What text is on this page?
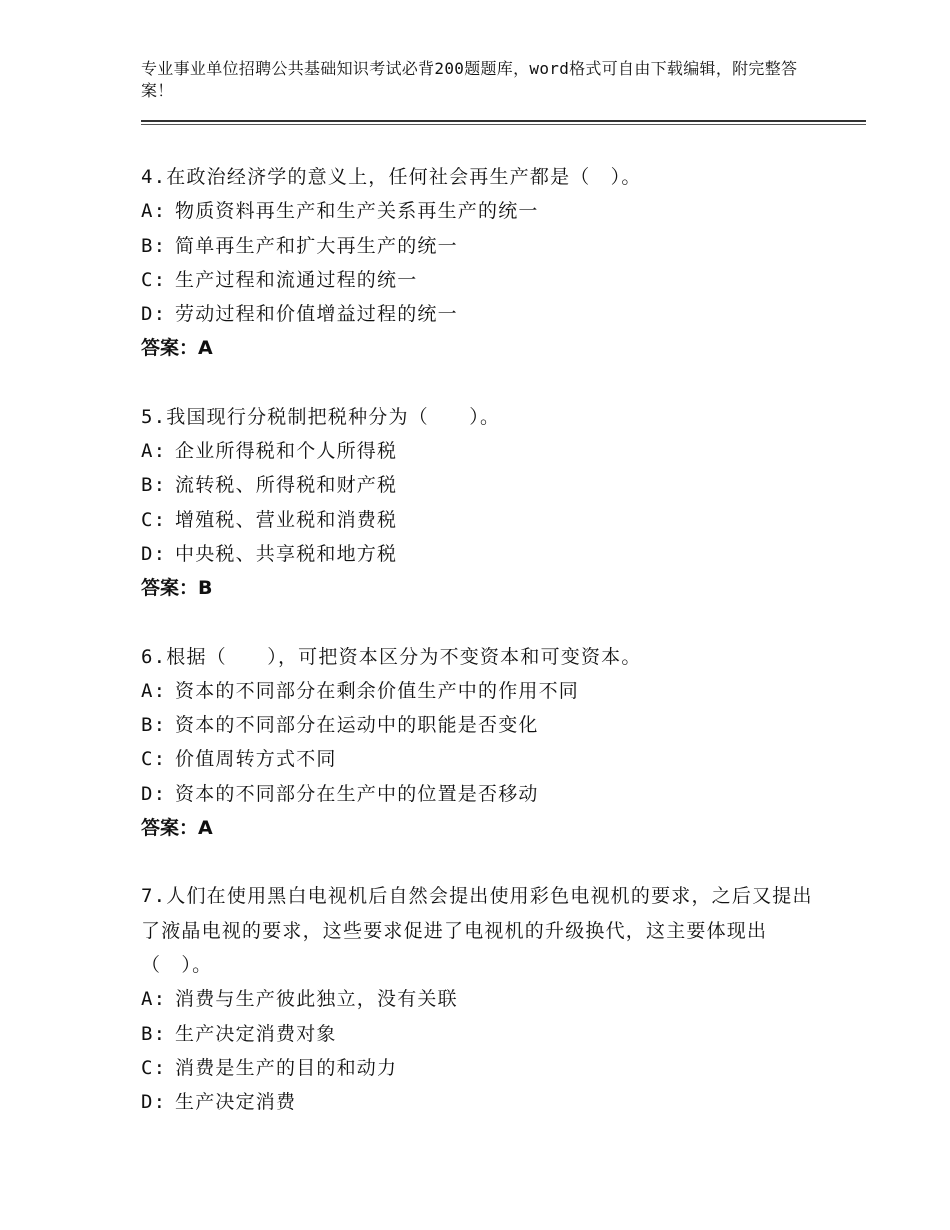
专业事业单位招聘公共基础知识考试必背200题题库，word格式可自由下载编辑，附完整答案！
4.在政治经济学的意义上，任何社会再生产都是（　）。
A: 物质资料再生产和生产关系再生产的统一
B: 简单再生产和扩大再生产的统一
C: 生产过程和流通过程的统一
D: 劳动过程和价值增益过程的统一
答案：A
5.我国现行分税制把税种分为（　　）。
A: 企业所得税和个人所得税
B: 流转税、所得税和财产税
C: 增殖税、营业税和消费税
D: 中央税、共享税和地方税
答案：B
6.根据（　　），可把资本区分为不变资本和可变资本。
A: 资本的不同部分在剩余价值生产中的作用不同
B: 资本的不同部分在运动中的职能是否变化
C: 价值周转方式不同
D: 资本的不同部分在生产中的位置是否移动
答案：A
7.人们在使用黑白电视机后自然会提出使用彩色电视机的要求，之后又提出了液晶电视的要求，这些要求促进了电视机的升级换代，这主要体现出（　）。
A: 消费与生产彼此独立，没有关联
B: 生产决定消费对象
C: 消费是生产的目的和动力
D: 生产决定消费
